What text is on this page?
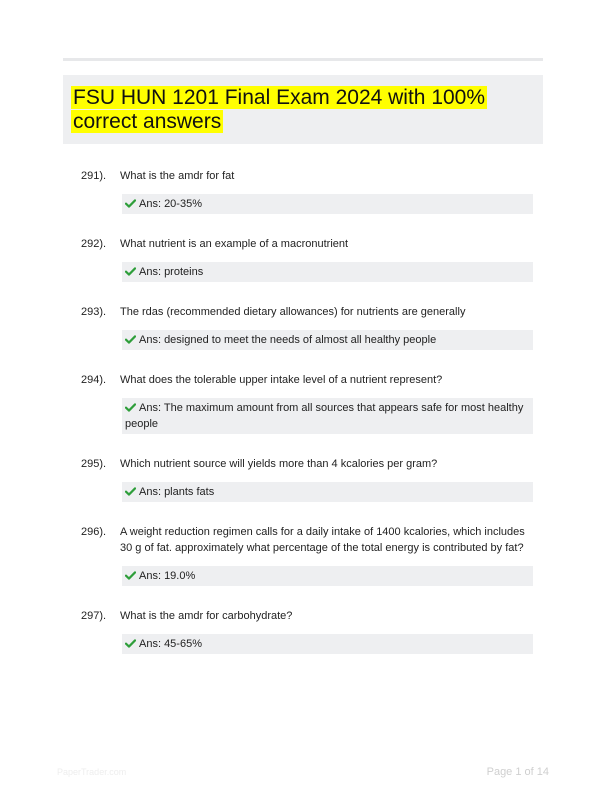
FSU HUN 1201 Final Exam 2024 with 100% correct answers
291). What is the amdr for fat
Ans: 20-35%
292). What nutrient is an example of a macronutrient
Ans: proteins
293). The rdas (recommended dietary allowances) for nutrients are generally
Ans: designed to meet the needs of almost all healthy people
294). What does the tolerable upper intake level of a nutrient represent?
Ans: The maximum amount from all sources that appears safe for most healthy people
295). Which nutrient source will yields more than 4 kcalories per gram?
Ans: plants fats
296). A weight reduction regimen calls for a daily intake of 1400 kcalories, which includes 30 g of fat. approximately what percentage of the total energy is contributed by fat?
Ans: 19.0%
297). What is the amdr for carbohydrate?
Ans: 45-65%
PaperTrader.com	Page 1 of 14
